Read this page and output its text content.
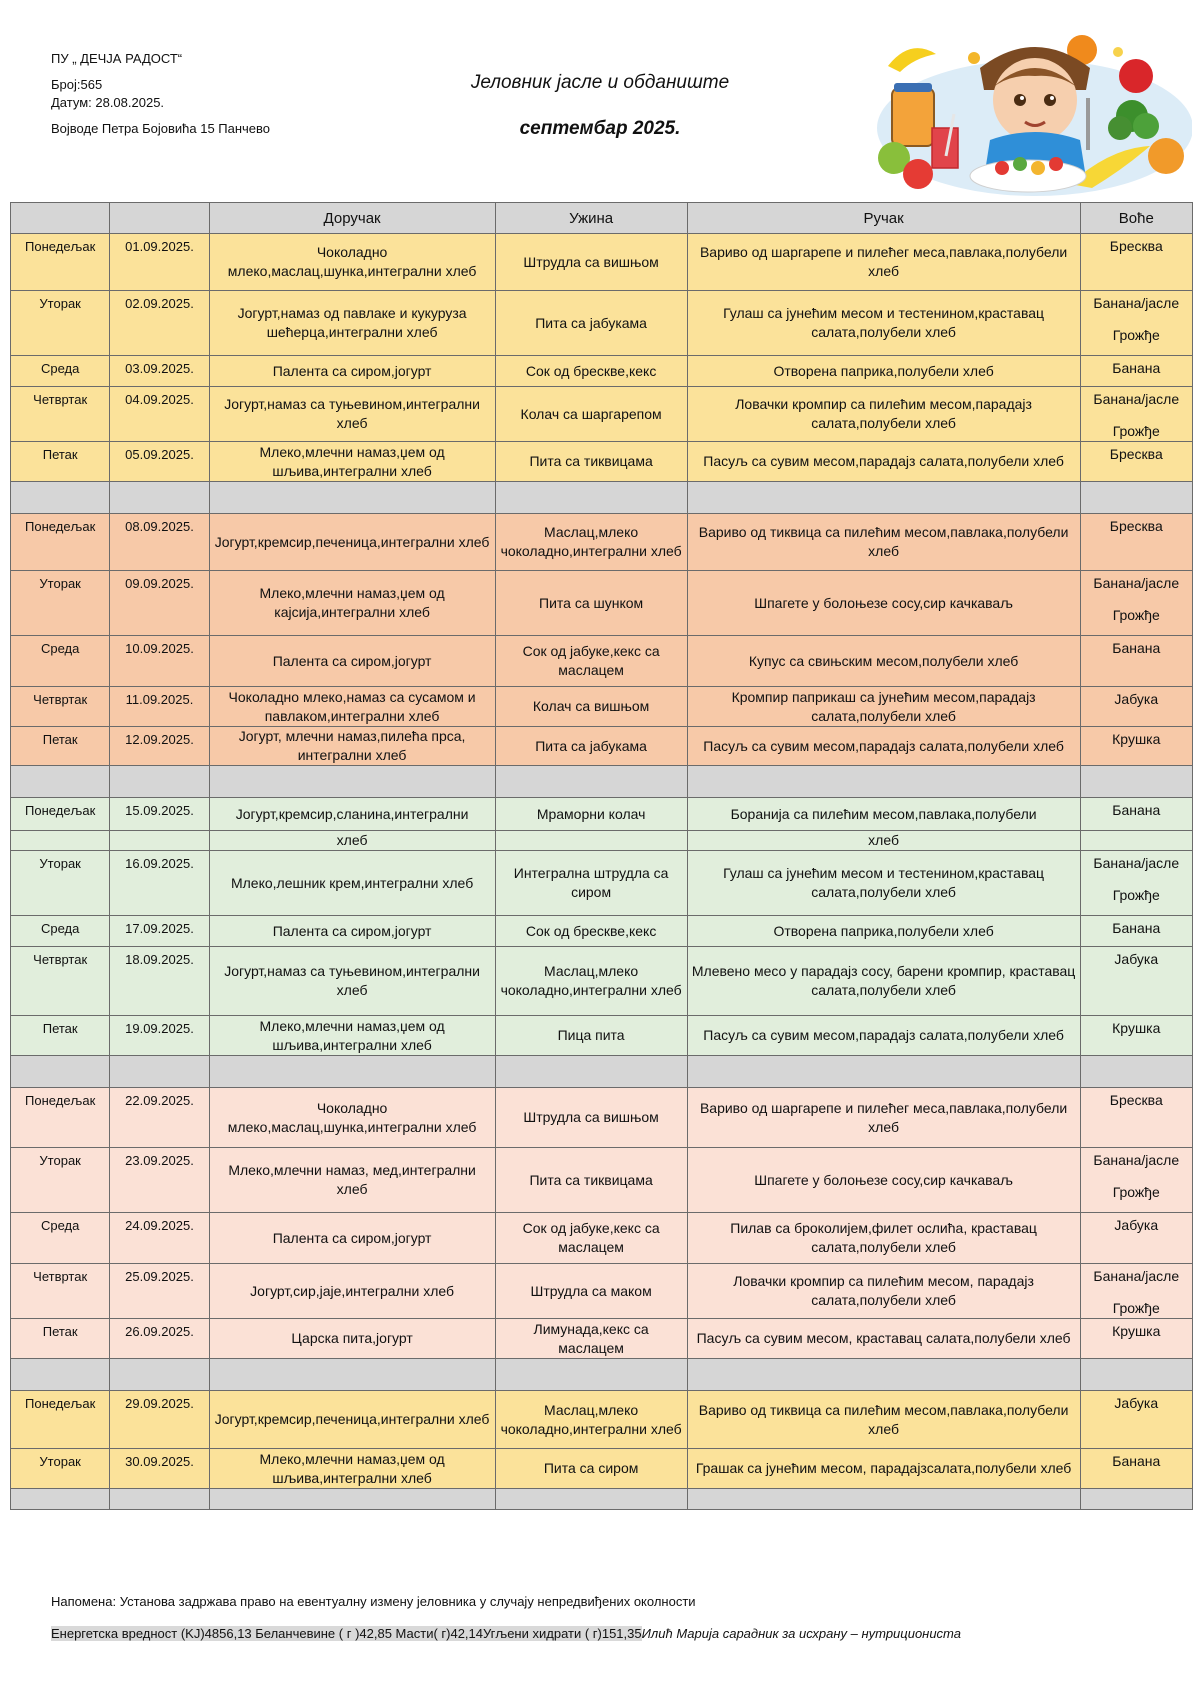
ПУ „ ДЕЧЈА РАДОСТ“
Број:565
Датум: 28.08.2025.
Војводе Петра Бојовића 15 Панчево
Јеловник јасле и обданиште
септембар 2025.
		Доручак	Ужина	Ручак	Воће
Понедељак	01.09.2025.	Чоколадно млеко,маслац,шунка,интегрални хлеб	Штрудла са вишњом	Вариво од шаргарепе и пилећег меса,павлака,полубели хлеб	Бресква
Уторак	02.09.2025.	Јогурт,намаз од павлаке и кукуруза шећерца,интегрални хлеб	Пита са јабукама	Гулаш са јунећим месом и тестенином,краставац салата,полубели хлеб	Банана/јасле
Грожђе

Среда	03.09.2025.	Палента са сиром,јогурт	Сок од брескве,кекс	Отворена паприка,полубели хлеб	Банана
Четвртак	04.09.2025.	Јогурт,намаз са туњевином,интегрални хлеб	Колач са шаргарепом	Ловачки кромпир са пилећим месом,парадајз салата,полубели хлеб	Банана/јасле
Грожђе

Петак	05.09.2025.	Млеко,млечни намаз,џем од шљива,интегрални хлеб	Пита са тиквицама	Пасуљ са сувим месом,парадајз салата,полубели хлеб	Бресква

Понедељак	08.09.2025.	Јогурт,кремсир,печеница,интегрални хлеб	Маслац,млеко чоколадно,интегрални хлеб	Вариво од тиквица са пилећим месом,павлака,полубели хлеб	Бресква
Уторак	09.09.2025.	Млеко,млечни намаз,џем од кајсија,интегрални хлеб	Пита са шунком	Шпагете у болоњезе сосу,сир качкаваљ	Банана/јасле
Грожђе

Среда	10.09.2025.	Палента са сиром,јогурт	Сок од јабуке,кекс са маслацем	Купус са свињским месом,полубели хлеб	Банана
Четвртак	11.09.2025.	Чоколадно млеко,намаз са сусамом и павлаком,интегрални хлеб	Колач са вишњом	Кромпир паприкаш са јунећим месом,парадајз салата,полубели хлеб	Јабука
Петак	12.09.2025.	Јогурт, млечни намаз,пилећа прса, интегрални хлеб	Пита са јабукама	Пасуљ са сувим месом,парадајз салата,полубели хлеб	Крушка

Понедељак	15.09.2025.	Јогурт,кремсир,сланина,интегрални	Мраморни колач	Боранија са пилећим месом,павлака,полубели	Банана
		хлеб		хлеб	
Уторак	16.09.2025.	Млеко,лешник крем,интегрални хлеб	Интегрална штрудла са сиром	Гулаш са јунећим месом и тестенином,краставац салата,полубели хлеб	Банана/јасле
Грожђе

Среда	17.09.2025.	Палента са сиром,јогурт	Сок од брескве,кекс	Отворена паприка,полубели хлеб	Банана
Четвртак	18.09.2025.	Јогурт,намаз са туњевином,интегрални хлеб	Маслац,млеко чоколадно,интегрални хлеб	Млевено месо у парадајз сосу, барени кромпир, краставац салата,полубели хлеб	Јабука
Петак	19.09.2025.	Млеко,млечни намаз,џем од шљива,интегрални хлеб	Пица пита	Пасуљ са сувим месом,парадајз салата,полубели хлеб	Крушка

Понедељак	22.09.2025.	Чоколадно млеко,маслац,шунка,интегрални хлеб	Штрудла са вишњом	Вариво од шаргарепе и пилећег меса,павлака,полубели хлеб	Бресква
Уторак	23.09.2025.	Млеко,млечни намаз, мед,интегрални хлеб	Пита са тиквицама	Шпагете у болоњезе сосу,сир качкаваљ	Банана/јасле
Грожђе

Среда	24.09.2025.	Палента са сиром,јогурт	Сок од јабуке,кекс са маслацем	Пилав са броколијем,филет ослића, краставац салата,полубели хлеб	Јабука
Четвртак	25.09.2025.	Јогурт,сир,јаје,интегрални хлеб	Штрудла са маком	Ловачки кромпир са пилећим месом, парадајз салата,полубели хлеб	Банана/јасле
Грожђе

Петак	26.09.2025.	Царска пита,јогурт	Лимунада,кекс са маслацем	Пасуљ са сувим месом, краставац салата,полубели хлеб	Крушка

Понедељак	29.09.2025.	Јогурт,кремсир,печеница,интегрални хлеб	Маслац,млеко чоколадно,интегрални хлеб	Вариво од тиквица са пилећим месом,павлака,полубели хлеб	Јабука
Уторак	30.09.2025.	Млеко,млечни намаз,џем од шљива,интегрални хлеб	Пита са сиром	Грашак са јунећим месом, парадајзсалата,полубели хлеб	Банана

Напомена: Установа задржава право на евентуалну измену јеловника у случају непредвиђених околности
Енергетска вредност (KJ)4856,13 Беланчевине ( г )42,85 Масти( г)42,14Угљени хидрати ( г)151,35Илић Марија сарадник за исхрану – нутрициониста
